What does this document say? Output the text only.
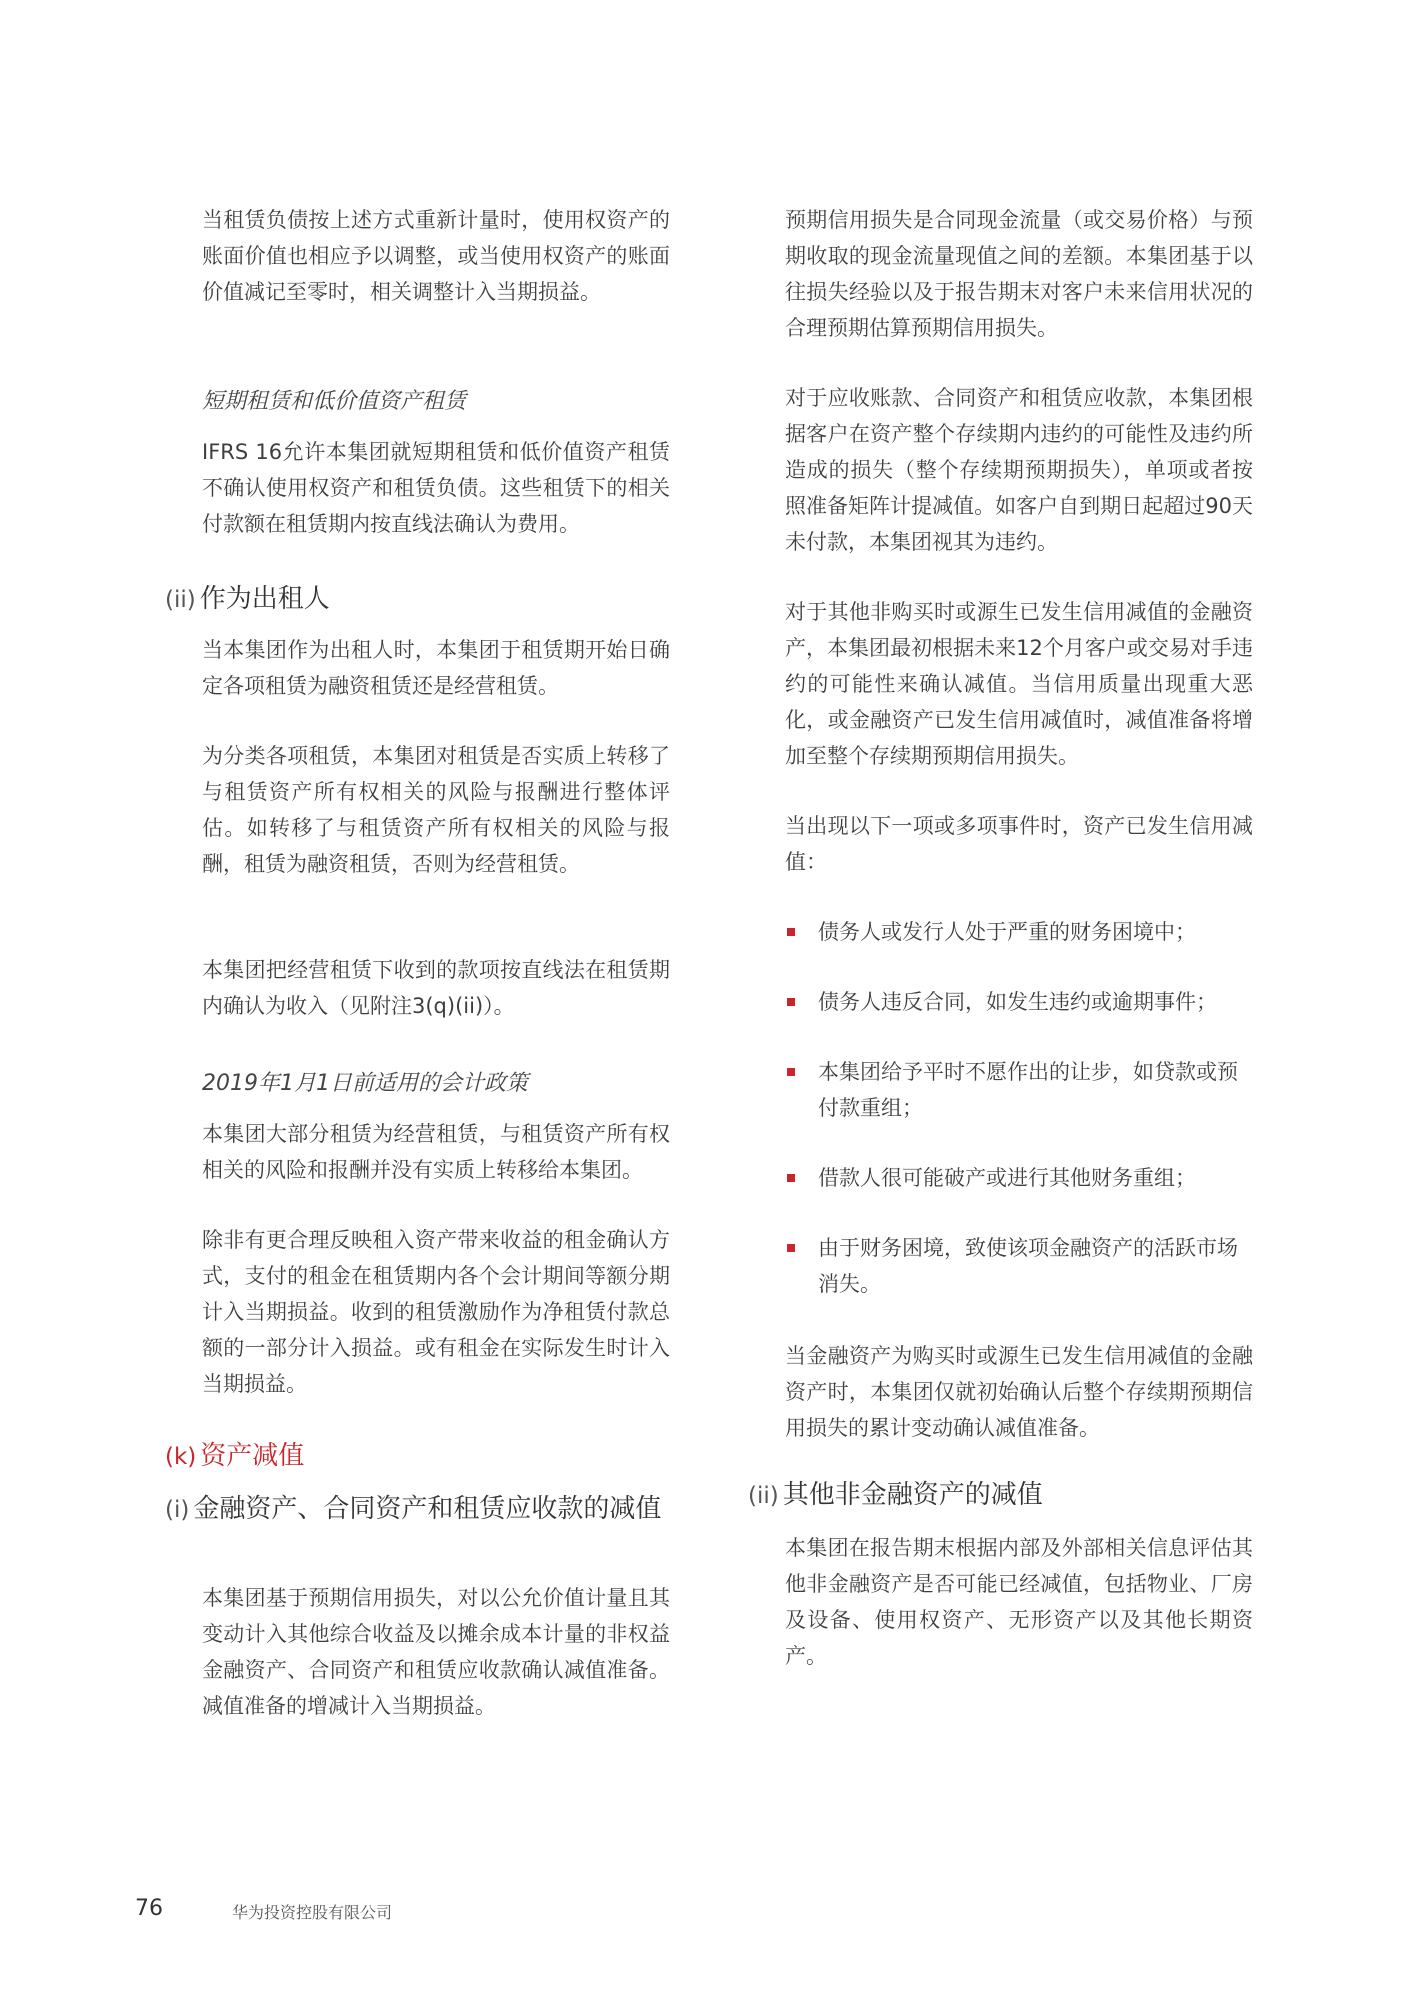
当租赁负债按上述方式重新计量时，使用权资产的账面价值也相应予以调整，或当使用权资产的账面价值减记至零时，相关调整计入当期损益。

短期租赁和低价值资产租赁

IFRS 16允许本集团就短期租赁和低价值资产租赁不确认使用权资产和租赁负债。这些租赁下的相关付款额在租赁期内按直线法确认为费用。

(ii) 作为出租人

当本集团作为出租人时，本集团于租赁期开始日确定各项租赁为融资租赁还是经营租赁。

为分类各项租赁，本集团对租赁是否实质上转移了与租赁资产所有权相关的风险与报酬进行整体评估。如转移了与租赁资产所有权相关的风险与报酬，租赁为融资租赁，否则为经营租赁。

本集团把经营租赁下收到的款项按直线法在租赁期内确认为收入（见附注3(q)(ii)）。

2019年1月1日前适用的会计政策

本集团大部分租赁为经营租赁，与租赁资产所有权相关的风险和报酬并没有实质上转移给本集团。

除非有更合理反映租入资产带来收益的租金确认方式，支付的租金在租赁期内各个会计期间等额分期计入当期损益。收到的租赁激励作为净租赁付款总额的一部分计入损益。或有租金在实际发生时计入当期损益。

(k) 资产减值
(i) 金融资产、合同资产和租赁应收款的减值

本集团基于预期信用损失，对以公允价值计量且其变动计入其他综合收益及以摊余成本计量的非权益金融资产、合同资产和租赁应收款确认减值准备。减值准备的增减计入当期损益。

预期信用损失是合同现金流量（或交易价格）与预期收取的现金流量现值之间的差额。本集团基于以往损失经验以及于报告期末对客户未来信用状况的合理预期估算预期信用损失。

对于应收账款、合同资产和租赁应收款，本集团根据客户在资产整个存续期内违约的可能性及违约所造成的损失（整个存续期预期损失），单项或者按照准备矩阵计提减值。如客户自到期日起超过90天未付款，本集团视其为违约。

对于其他非购买时或源生已发生信用减值的金融资产，本集团最初根据未来12个月客户或交易对手违约的可能性来确认减值。当信用质量出现重大恶化，或金融资产已发生信用减值时，减值准备将增加至整个存续期预期信用损失。

当出现以下一项或多项事件时，资产已发生信用减值：

债务人或发行人处于严重的财务困境中；
债务人违反合同，如发生违约或逾期事件；
本集团给予平时不愿作出的让步，如贷款或预付款重组；
借款人很可能破产或进行其他财务重组；
由于财务困境，致使该项金融资产的活跃市场消失。

当金融资产为购买时或源生已发生信用减值的金融资产时，本集团仅就初始确认后整个存续期预期信用损失的累计变动确认减值准备。

(ii) 其他非金融资产的减值

本集团在报告期末根据内部及外部相关信息评估其他非金融资产是否可能已经减值，包括物业、厂房及设备、使用权资产、无形资产以及其他长期资产。

76	华为投资控股有限公司
